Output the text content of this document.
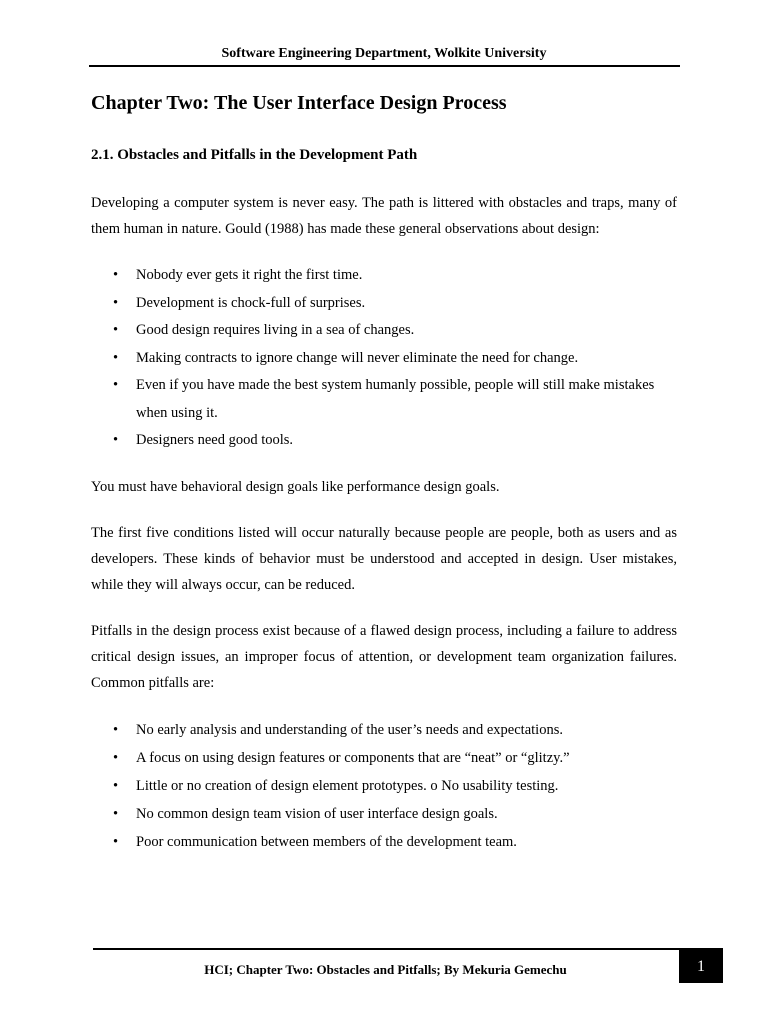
Software Engineering Department, Wolkite University
Chapter Two: The User Interface Design Process
2.1. Obstacles and Pitfalls in the Development Path

Developing a computer system is never easy. The path is littered with obstacles and traps, many of them human in nature. Gould (1988) has made these general observations about design:

• Nobody ever gets it right the first time.
• Development is chock-full of surprises.
• Good design requires living in a sea of changes.
• Making contracts to ignore change will never eliminate the need for change.
• Even if you have made the best system humanly possible, people will still make mistakes when using it.
• Designers need good tools.

You must have behavioral design goals like performance design goals.

The first five conditions listed will occur naturally because people are people, both as users and as developers. These kinds of behavior must be understood and accepted in design. User mistakes, while they will always occur, can be reduced.

Pitfalls in the design process exist because of a flawed design process, including a failure to address critical design issues, an improper focus of attention, or development team organization failures. Common pitfalls are:

• No early analysis and understanding of the user’s needs and expectations.
• A focus on using design features or components that are “neat” or “glitzy.”
• Little or no creation of design element prototypes. o No usability testing.
• No common design team vision of user interface design goals.
• Poor communication between members of the development team.
HCI; Chapter Two: Obstacles and Pitfalls; By Mekuria Gemechu	1
